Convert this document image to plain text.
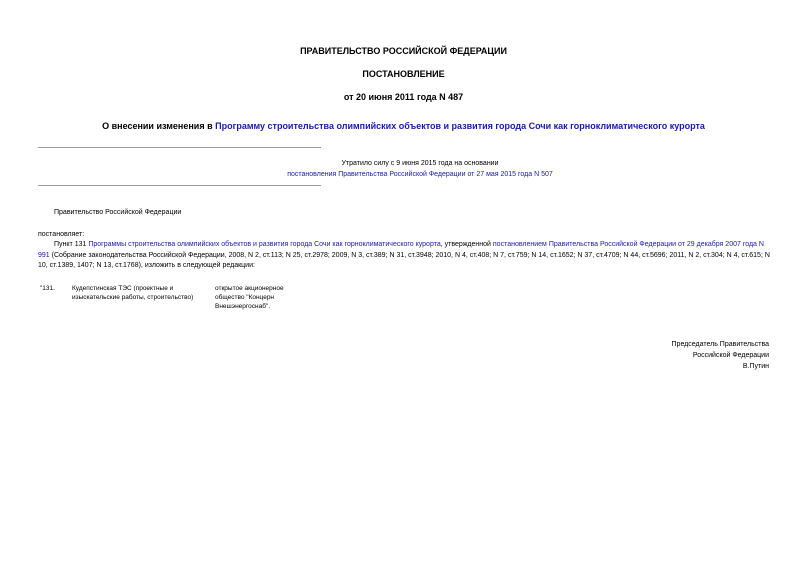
ПРАВИТЕЛЬСТВО РОССИЙСКОЙ ФЕДЕРАЦИИ
ПОСТАНОВЛЕНИЕ
от 20 июня 2011 года N 487
О внесении изменения в Программу строительства олимпийских объектов и развития города Сочи как горноклиматического курорта
Утратило силу с 9 июня 2015 года на основании
постановления Правительства Российской Федерации от 27 мая 2015 года N 507
Правительство Российской Федерации
постановляет:
Пункт 131 Программы строительства олимпийских объектов и развития города Сочи как горноклиматического курорта, утвержденной постановлением Правительства Российской Федерации от 29 декабря 2007 года N 991 (Собрание законодательства Российской Федерации, 2008, N 2, ст.113; N 25, ст.2978; 2009, N 3, ст.389; N 31, ст.3948; 2010, N 4, ст.408; N 7, ст.759; N 14, ст.1652; N 37, ст.4709; N 44, ст.5696; 2011, N 2, ст.304; N 4, ст.615; N 10, ст.1389, 1407; N 13, ст.1768), изложить в следующей редакции:
"131.	Кудепстинская ТЭС (проектные и изыскательские работы, строительство)
открытое акционерное общество "Концерн Внешэнергоснаб".
Председатель Правительства
Российской Федерации
В.Путин
